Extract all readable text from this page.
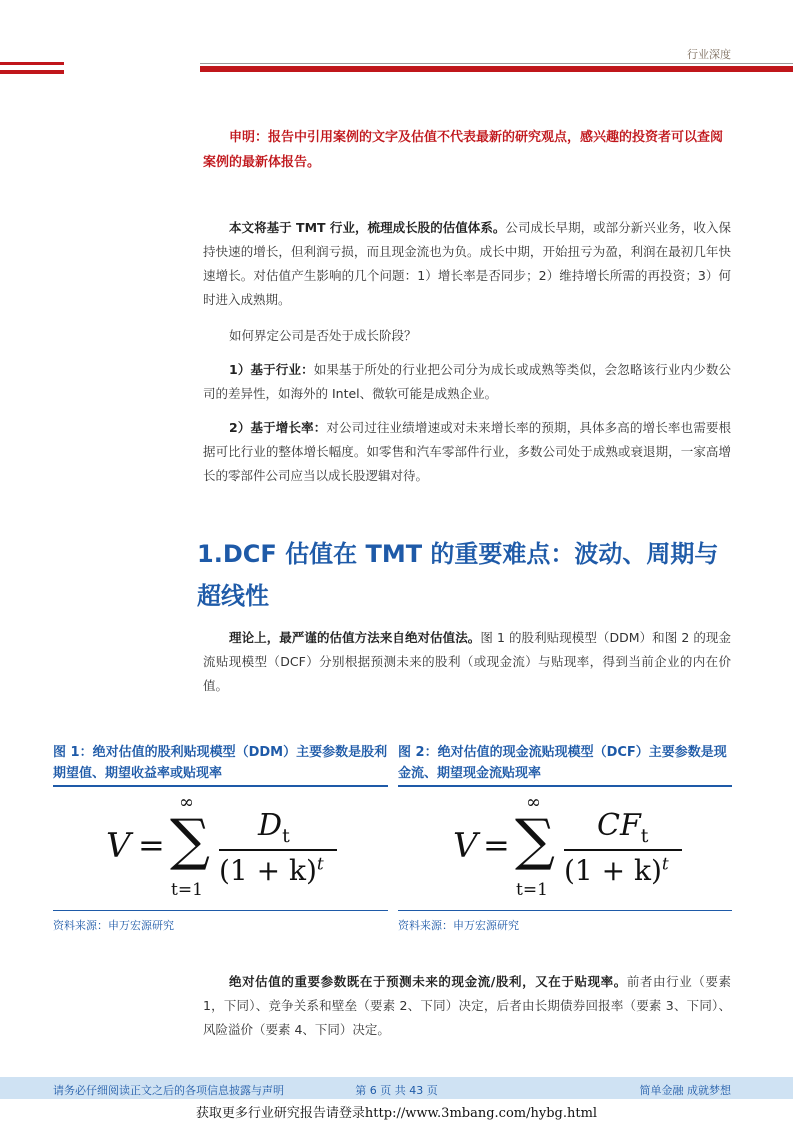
行业深度
申明：报告中引用案例的文字及估值不代表最新的研究观点，感兴趣的投资者可以查阅案例的最新体报告。
本文将基于 TMT 行业，梳理成长股的估值体系。公司成长早期，或部分新兴业务，收入保持快速的增长，但利润亏损，而且现金流也为负。成长中期，开始扭亏为盈，利润在最初几年快速增长。对估值产生影响的几个问题：1）增长率是否同步；2）维持增长所需的再投资；3）何时进入成熟期。
如何界定公司是否处于成长阶段？
1）基于行业：如果基于所处的行业把公司分为成长或成熟等类似，会忽略该行业内少数公司的差异性，如海外的 Intel、微软可能是成熟企业。
2）基于增长率：对公司过往业绩增速或对未来增长率的预期，具体多高的增长率也需要根据可比行业的整体增长幅度。如零售和汽车零部件行业，多数公司处于成熟或衰退期，一家高增长的零部件公司应当以成长股逻辑对待。
1.DCF 估值在 TMT 的重要难点：波动、周期与超线性
理论上，最严谨的估值方法来自绝对估值法。图 1 的股利贴现模型（DDM）和图 2 的现金流贴现模型（DCF）分别根据预测未来的股利（或现金流）与贴现率，得到当前企业的内在价值。
图 1：绝对估值的股利贴现模型（DDM）主要参数是股利期望值、期望收益率或贴现率
V =
∞
∑
t=1
$D_t$
$(1 + k)^t$
资料来源：申万宏源研究
图 2：绝对估值的现金流贴现模型（DCF）主要参数是现金流、期望现金流贴现率
V =
∞
∑
t=1
$CF_t$
$(1 + k)^t$
资料来源：申万宏源研究
绝对估值的重要参数既在于预测未来的现金流/股利，又在于贴现率。前者由行业（要素 1，下同）、竞争关系和壁垒（要素 2、下同）决定，后者由长期债券回报率（要素 3、下同）、风险溢价（要素 4、下同）决定。
请务必仔细阅读正文之后的各项信息披露与声明	第 6 页 共 43 页	简单金融 成就梦想
获取更多行业研究报告请登录http://www.3mbang.com/hybg.html
